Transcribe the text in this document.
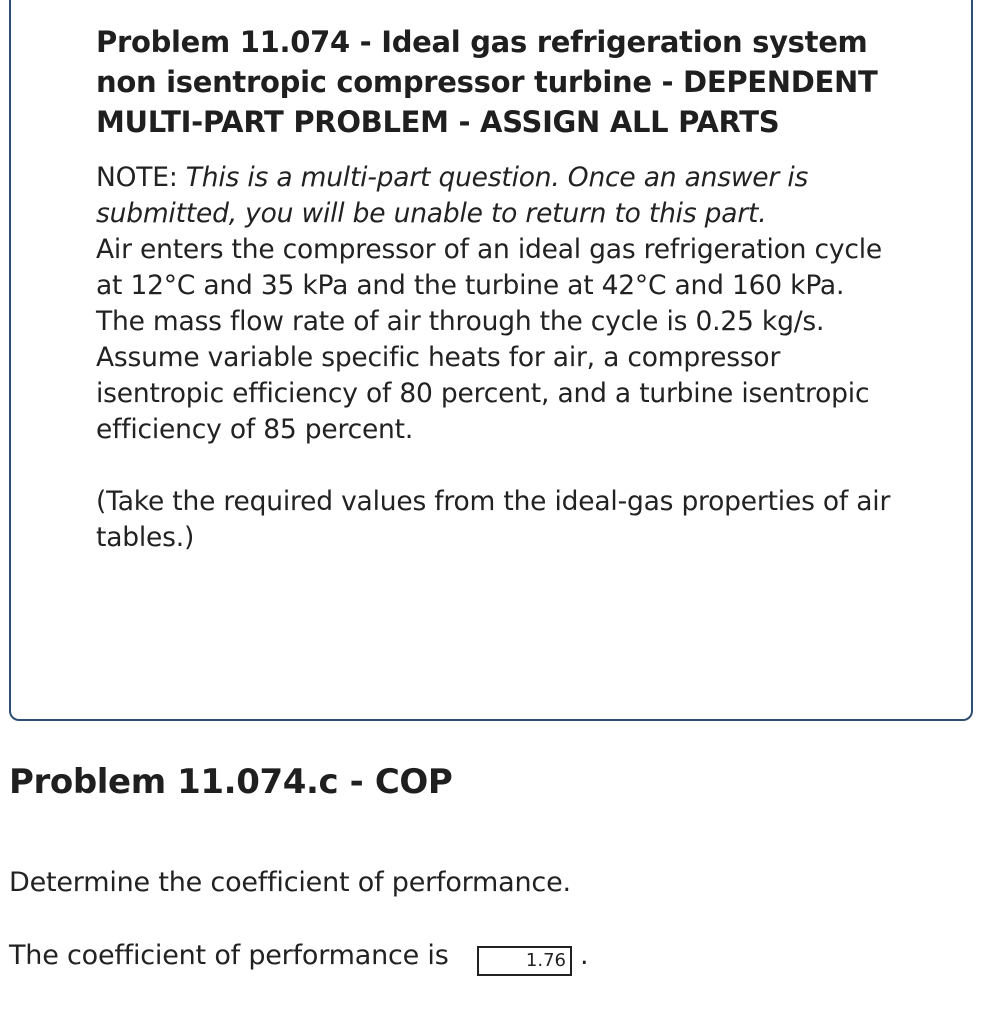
Problem 11.074 - Ideal gas refrigeration system non isentropic compressor turbine - DEPENDENT MULTI-PART PROBLEM - ASSIGN ALL PARTS
NOTE: This is a multi-part question. Once an answer is submitted, you will be unable to return to this part.
Air enters the compressor of an ideal gas refrigeration cycle at 12°C and 35 kPa and the turbine at 42°C and 160 kPa. The mass flow rate of air through the cycle is 0.25 kg/s. Assume variable specific heats for air, a compressor isentropic efficiency of 80 percent, and a turbine isentropic efficiency of 85 percent.
(Take the required values from the ideal-gas properties of air tables.)
Problem 11.074.c - COP
Determine the coefficient of performance.
The coefficient of performance is	1.76 .
